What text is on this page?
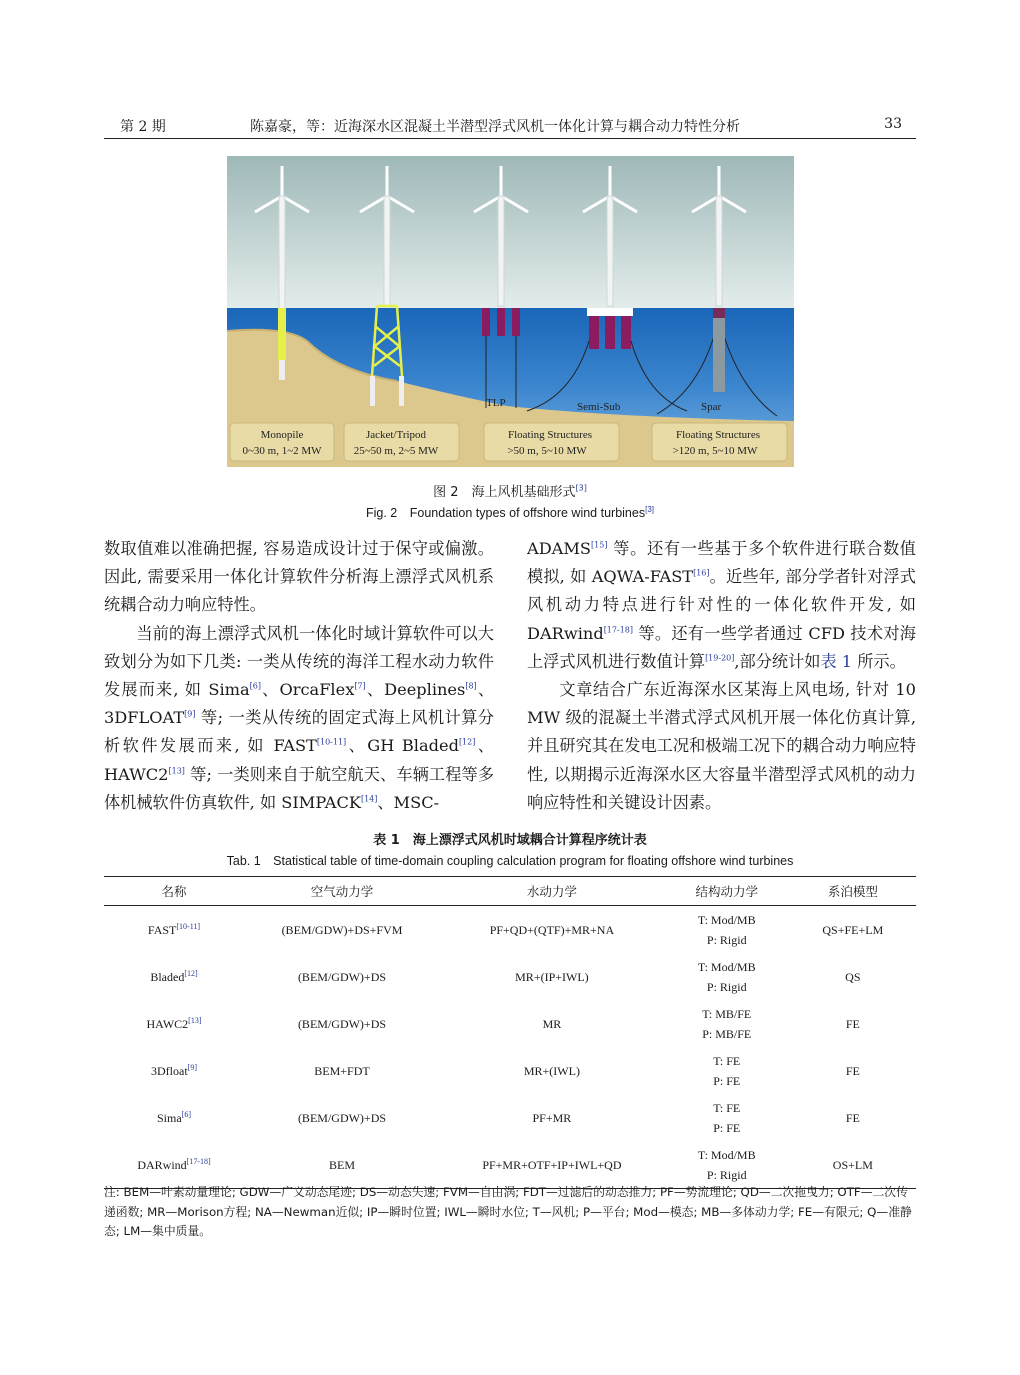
第 2 期	陈嘉豪，等：近海深水区混凝土半潜型浮式风机一体化计算与耦合动力特性分析	33
TLP	Semi-Sub	Spar
Monopile
0~30 m, 1~2 MW
Jacket/Tripod
25~50 m, 2~5 MW
Floating Structures
>50 m, 5~10 MW
Floating Structures
>120 m, 5~10 MW
图 2　海上风机基础形式[3]
Fig. 2　Foundation types of offshore wind turbines[3]

数取值难以准确把握, 容易造成设计过于保守或偏激。因此, 需要采用一体化计算软件分析海上漂浮式风机系统耦合动力响应特性。

当前的海上漂浮式风机一体化时域计算软件可以大致划分为如下几类: 一类从传统的海洋工程水动力软件发展而来, 如 Sima[6]、OrcaFlex[7]、Deeplines[8]、3DFLOAT[9] 等; 一类从传统的固定式海上风机计算分析软件发展而来, 如 FAST[10-11]、GH Bladed[12]、HAWC2[13] 等; 一类则来自于航空航天、车辆工程等多体机械软件仿真软件, 如 SIMPACK[14]、MSC-

ADAMS[15] 等。还有一些基于多个软件进行联合数值模拟, 如 AQWA-FAST[16]。近些年, 部分学者针对浮式风机动力特点进行针对性的一体化软件开发, 如 DARwind[17-18] 等。还有一些学者通过 CFD 技术对海上浮式风机进行数值计算[19-20],部分统计如表 1 所示。

文章结合广东近海深水区某海上风电场, 针对 10 MW 级的混凝土半潜式浮式风机开展一体化仿真计算, 并且研究其在发电工况和极端工况下的耦合动力响应特性, 以期揭示近海深水区大容量半潜型浮式风机的动力响应特性和关键设计因素。

表 1　海上漂浮式风机时域耦合计算程序统计表
Tab. 1　Statistical table of time-domain coupling calculation program for floating offshore wind turbines
名称	空气动力学	水动力学	结构动力学	系泊模型
FAST[10-11]	(BEM/GDW)+DS+FVM	PF+QD+(QTF)+MR+NA	T: Mod/MB
P: Rigid	QS+FE+LM
Bladed[12]	(BEM/GDW)+DS	MR+(IP+IWL)	T: Mod/MB
P: Rigid	QS
HAWC2[13]	(BEM/GDW)+DS	MR	T: MB/FE
P: MB/FE	FE
3Dfloat[9]	BEM+FDT	MR+(IWL)	T: FE
P: FE	FE
Sima[6]	(BEM/GDW)+DS	PF+MR	T: FE
P: FE	FE
DARwind[17-18]	BEM	PF+MR+OTF+IP+IWL+QD	T: Mod/MB
P: Rigid	OS+LM
注: BEM—叶素动量理论; GDW—广义动态尾迹; DS—动态失速; FVM—自由涡; FDT—过滤后的动态推力; PF—势流理论; QD—二次拖曳力; OTF—二次传递函数; MR—Morison方程; NA—Newman近似; IP—瞬时位置; IWL—瞬时水位; T—风机; P—平台; Mod—模态; MB—多体动力学; FE—有限元; Q—准静态; LM—集中质量。
